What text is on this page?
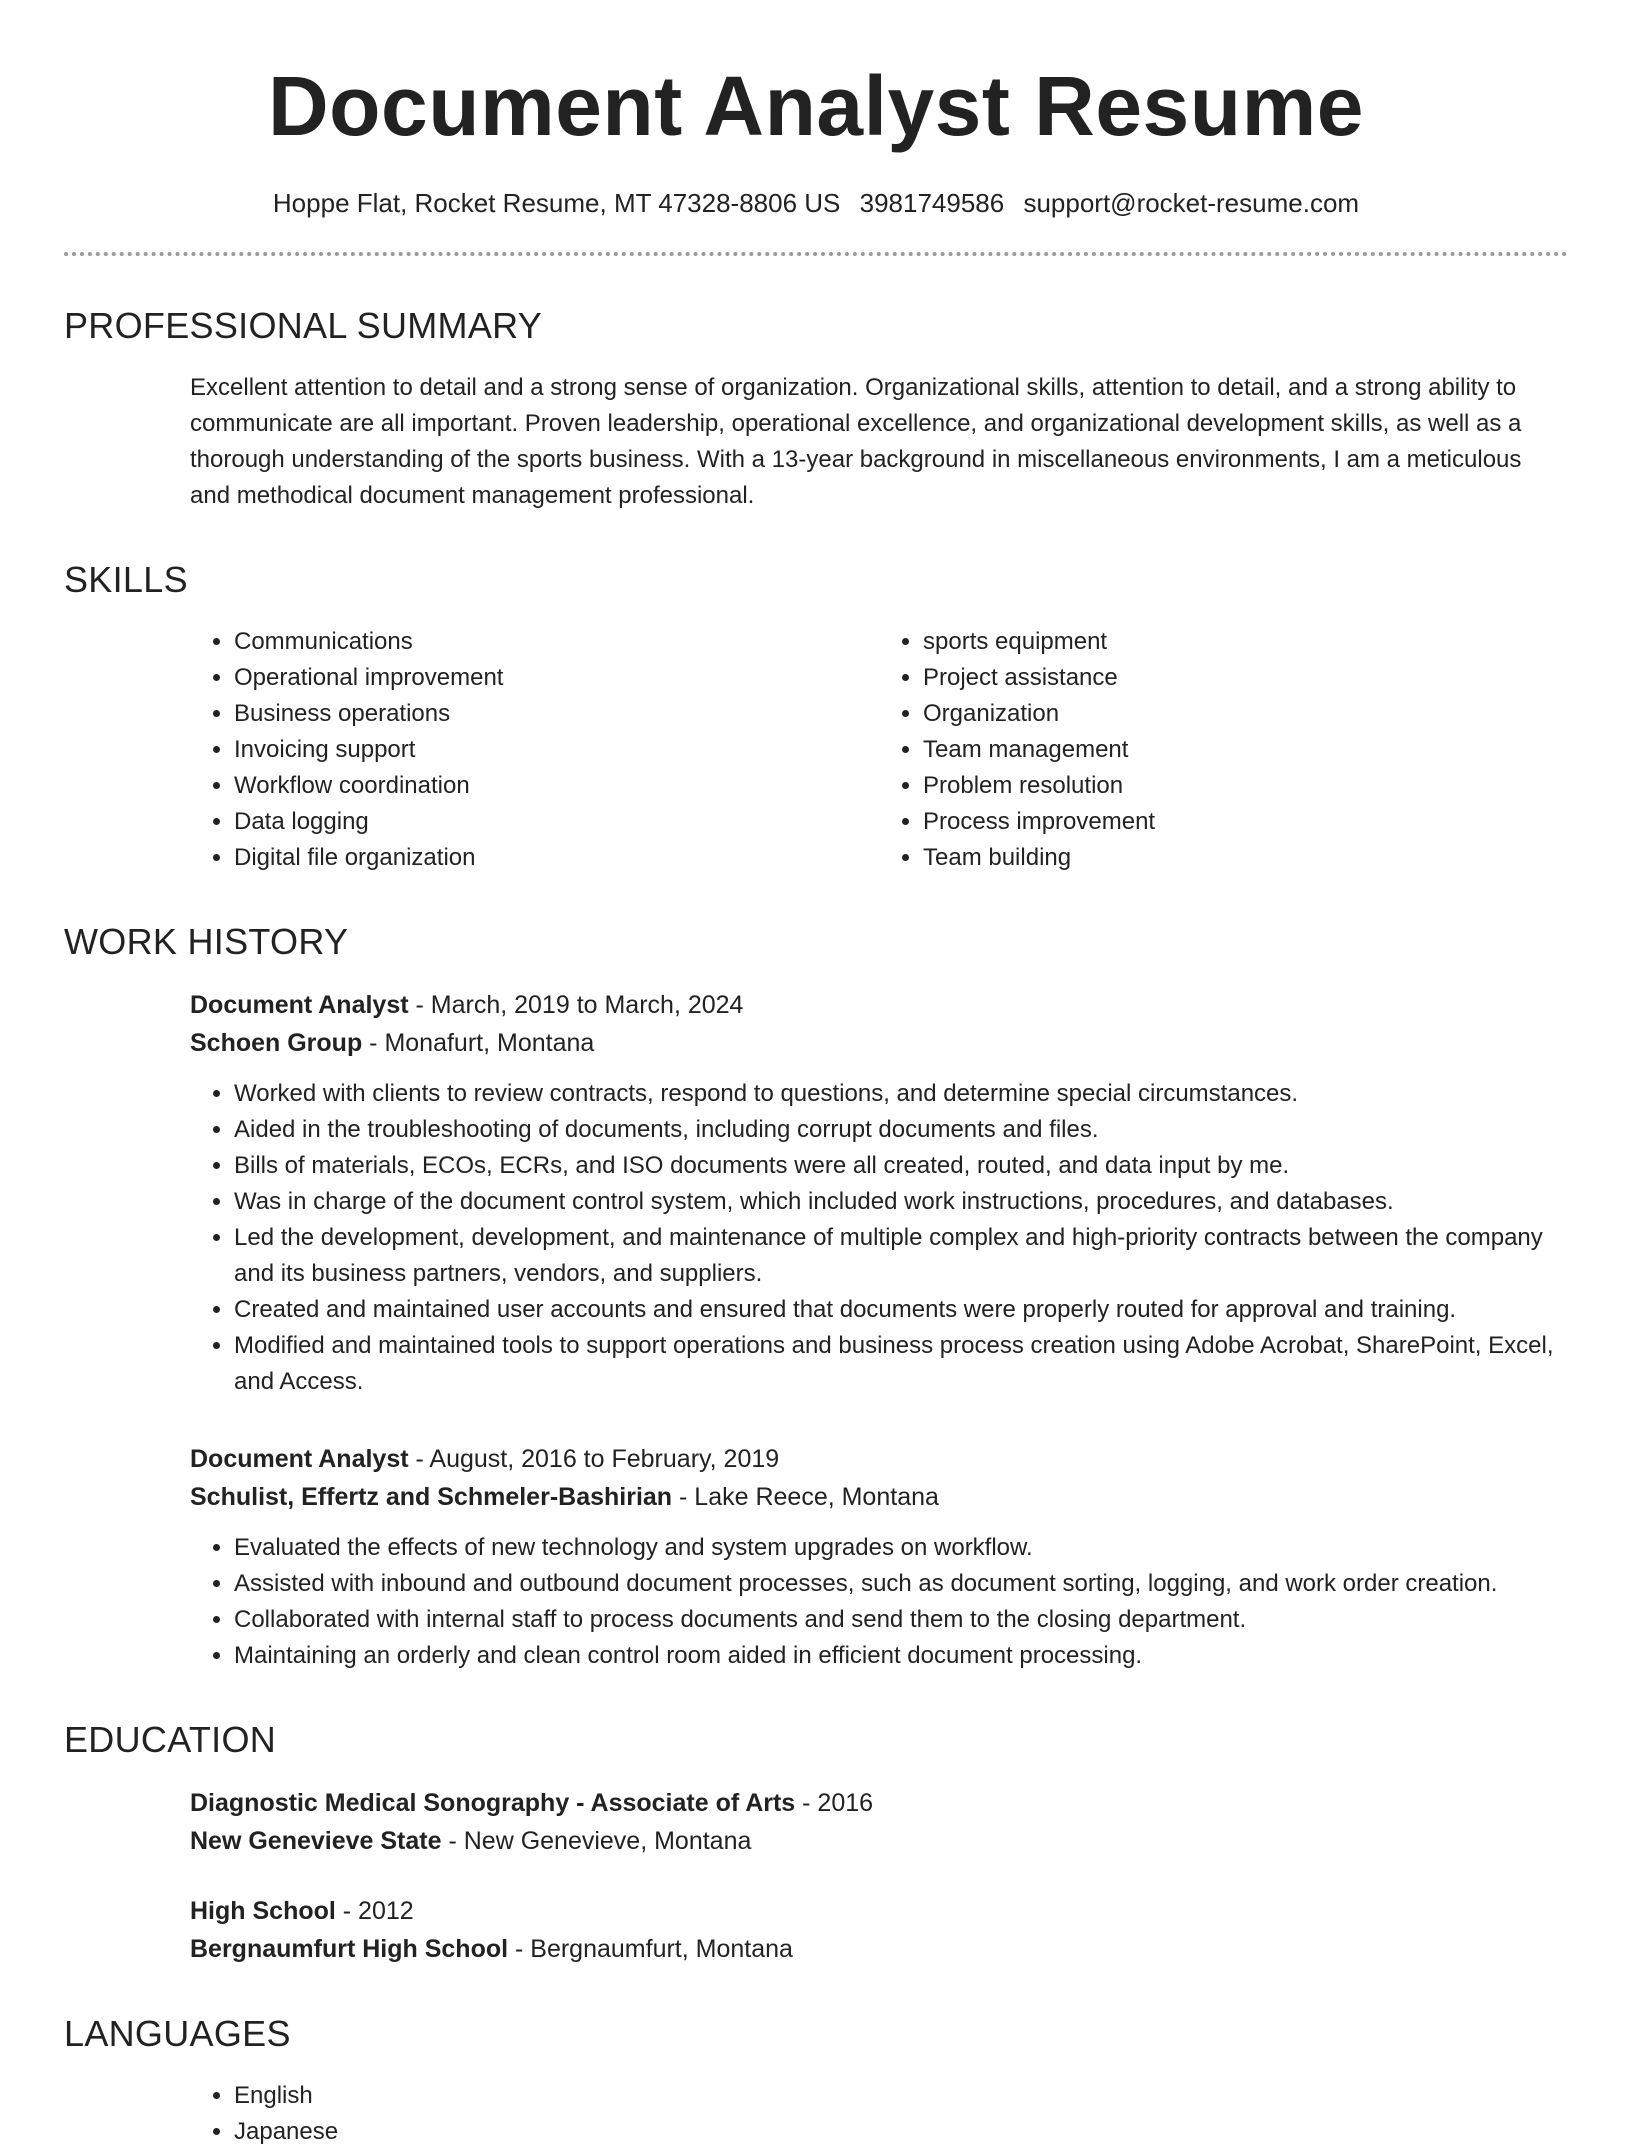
Document Analyst Resume
Hoppe Flat, Rocket Resume, MT 47328-8806 US 3981749586 support@rocket-resume.com
PROFESSIONAL SUMMARY

Excellent attention to detail and a strong sense of organization. Organizational skills, attention to detail, and a strong ability to communicate are all important. Proven leadership, operational excellence, and organizational development skills, as well as a thorough understanding of the sports business. With a 13-year background in miscellaneous environments, I am a meticulous and methodical document management professional.

SKILLS
• Communications
• Operational improvement
• Business operations
• Invoicing support
• Workflow coordination
• Data logging
• Digital file organization
• sports equipment
• Project assistance
• Organization
• Team management
• Problem resolution
• Process improvement
• Team building
WORK HISTORY
Document Analyst - March, 2019 to March, 2024
Schoen Group - Monafurt, Montana
• Worked with clients to review contracts, respond to questions, and determine special circumstances.
• Aided in the troubleshooting of documents, including corrupt documents and files.
• Bills of materials, ECOs, ECRs, and ISO documents were all created, routed, and data input by me.
• Was in charge of the document control system, which included work instructions, procedures, and databases.
• Led the development, development, and maintenance of multiple complex and high-priority contracts between the company and its business partners, vendors, and suppliers.
• Created and maintained user accounts and ensured that documents were properly routed for approval and training.
• Modified and maintained tools to support operations and business process creation using Adobe Acrobat, SharePoint, Excel, and Access.
Document Analyst - August, 2016 to February, 2019
Schulist, Effertz and Schmeler-Bashirian - Lake Reece, Montana
• Evaluated the effects of new technology and system upgrades on workflow.
• Assisted with inbound and outbound document processes, such as document sorting, logging, and work order creation.
• Collaborated with internal staff to process documents and send them to the closing department.
• Maintaining an orderly and clean control room aided in efficient document processing.
EDUCATION
Diagnostic Medical Sonography - Associate of Arts - 2016
New Genevieve State - New Genevieve, Montana
High School - 2012
Bergnaumfurt High School - Bergnaumfurt, Montana
LANGUAGES
• English
• Japanese
